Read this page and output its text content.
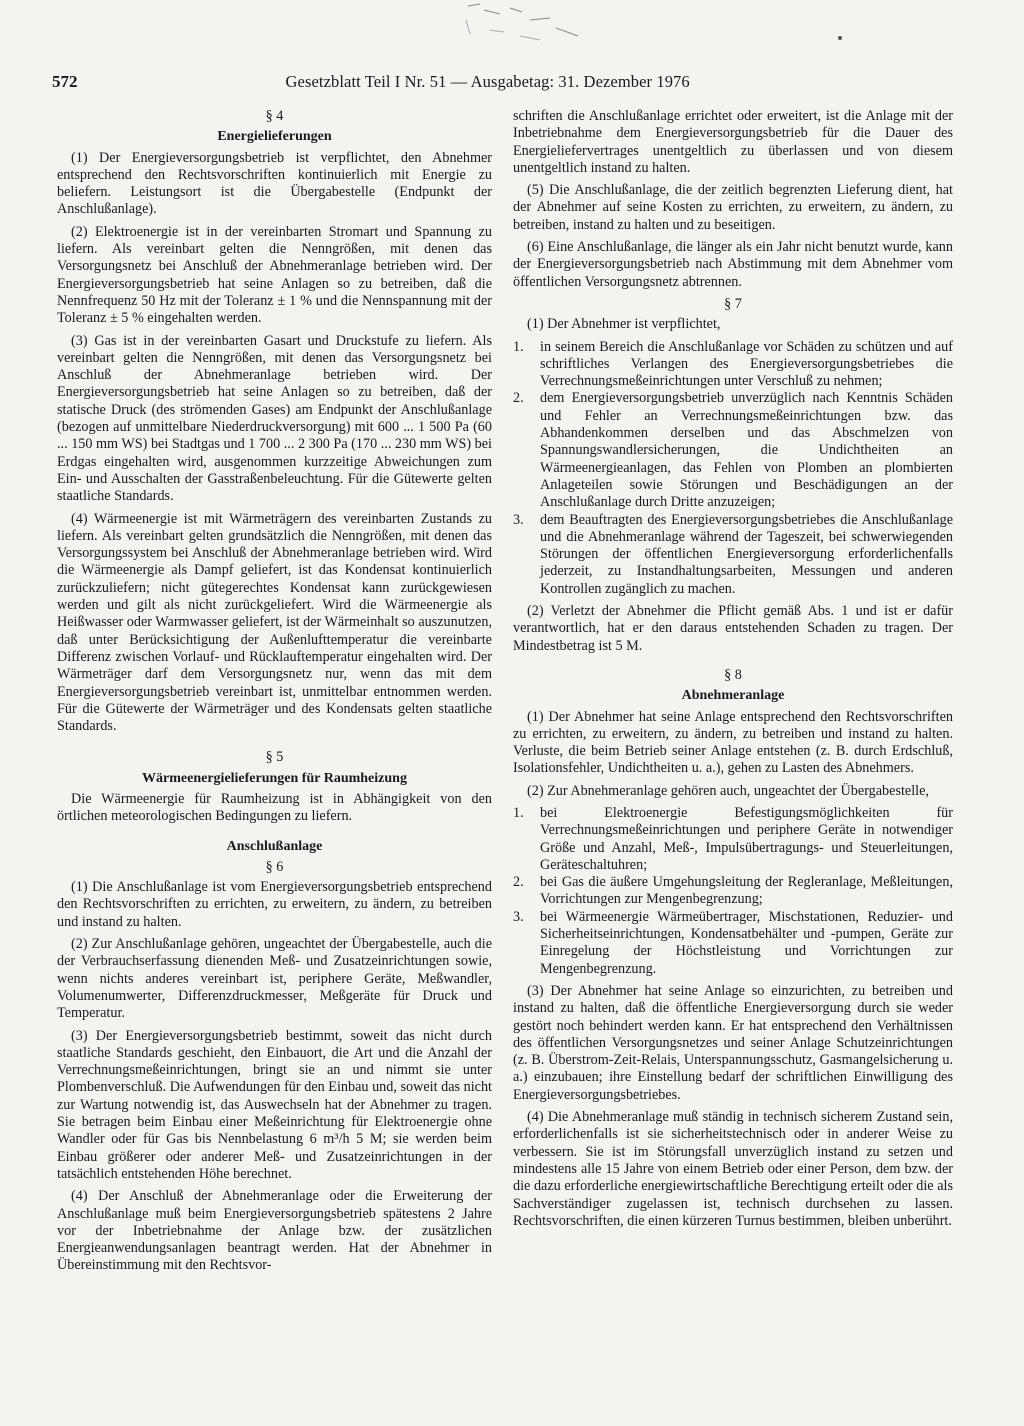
572	Gesetzblatt Teil I Nr. 51 — Ausgabetag: 31. Dezember 1976
§ 4
Energielieferungen

(1) Der Energieversorgungsbetrieb ist verpflichtet, den Abnehmer entsprechend den Rechtsvorschriften kontinuierlich mit Energie zu beliefern. Leistungsort ist die Übergabestelle (Endpunkt der Anschlußanlage).

(2) Elektroenergie ist in der vereinbarten Stromart und Spannung zu liefern. Als vereinbart gelten die Nenngrößen, mit denen das Versorgungsnetz bei Anschluß der Abnehmeranlage betrieben wird. Der Energieversorgungsbetrieb hat seine Anlagen so zu betreiben, daß die Nennfrequenz 50 Hz mit der Toleranz ± 1 % und die Nennspannung mit der Toleranz ± 5 % eingehalten werden.

(3) Gas ist in der vereinbarten Gasart und Druckstufe zu liefern. Als vereinbart gelten die Nenngrößen, mit denen das Versorgungsnetz bei Anschluß der Abnehmeranlage betrieben wird. Der Energieversorgungsbetrieb hat seine Anlagen so zu betreiben, daß der statische Druck (des strömenden Gases) am Endpunkt der Anschlußanlage (bezogen auf unmittelbare Niederdruckversorgung) mit 600 ... 1 500 Pa (60 ... 150 mm WS) bei Stadtgas und 1 700 ... 2 300 Pa (170 ... 230 mm WS) bei Erdgas eingehalten wird, ausgenommen kurzzeitige Abweichungen zum Ein- und Ausschalten der Gasstraßenbeleuchtung. Für die Gütewerte gelten staatliche Standards.

(4) Wärmeenergie ist mit Wärmeträgern des vereinbarten Zustands zu liefern. Als vereinbart gelten grundsätzlich die Nenngrößen, mit denen das Versorgungssystem bei Anschluß der Abnehmeranlage betrieben wird. Wird die Wärmeenergie als Dampf geliefert, ist das Kondensat kontinuierlich zurückzuliefern; nicht gütegerechtes Kondensat kann zurückgewiesen werden und gilt als nicht zurückgeliefert. Wird die Wärmeenergie als Heißwasser oder Warmwasser geliefert, ist der Wärmeinhalt so auszunutzen, daß unter Berücksichtigung der Außenlufttemperatur die vereinbarte Differenz zwischen Vorlauf- und Rücklauftemperatur eingehalten wird. Der Wärmeträger darf dem Versorgungsnetz nur, wenn das mit dem Energieversorgungsbetrieb vereinbart ist, unmittelbar entnommen werden. Für die Gütewerte der Wärmeträger und des Kondensats gelten staatliche Standards.

§ 5
Wärmeenergielieferungen für Raumheizung

Die Wärmeenergie für Raumheizung ist in Abhängigkeit von den örtlichen meteorologischen Bedingungen zu liefern.

Anschlußanlage
§ 6

(1) Die Anschlußanlage ist vom Energieversorgungsbetrieb entsprechend den Rechtsvorschriften zu errichten, zu erweitern, zu ändern, zu betreiben und instand zu halten.

(2) Zur Anschlußanlage gehören, ungeachtet der Übergabestelle, auch die der Verbrauchserfassung dienenden Meß- und Zusatzeinrichtungen sowie, wenn nichts anderes vereinbart ist, periphere Geräte, Meßwandler, Volumenumwerter, Differenzdruckmesser, Meßgeräte für Druck und Temperatur.

(3) Der Energieversorgungsbetrieb bestimmt, soweit das nicht durch staatliche Standards geschieht, den Einbauort, die Art und die Anzahl der Verrechnungsmeßeinrichtungen, bringt sie an und nimmt sie unter Plombenverschluß. Die Aufwendungen für den Einbau und, soweit das nicht zur Wartung notwendig ist, das Auswechseln hat der Abnehmer zu tragen. Sie betragen beim Einbau einer Meßeinrichtung für Elektroenergie ohne Wandler oder für Gas bis Nennbelastung 6 m³/h 5 M; sie werden beim Einbau größerer oder anderer Meß- und Zusatzeinrichtungen in der tatsächlich entstehenden Höhe berechnet.

(4) Der Anschluß der Abnehmeranlage oder die Erweiterung der Anschlußanlage muß beim Energieversorgungsbetrieb spätestens 2 Jahre vor der Inbetriebnahme der Anlage bzw. der zusätzlichen Energieanwendungsanlagen beantragt werden. Hat der Abnehmer in Übereinstimmung mit den Rechtsvor-

schriften die Anschlußanlage errichtet oder erweitert, ist die Anlage mit der Inbetriebnahme dem Energieversorgungsbetrieb für die Dauer des Energieliefervertrages unentgeltlich zu überlassen und von diesem unentgeltlich instand zu halten.

(5) Die Anschlußanlage, die der zeitlich begrenzten Lieferung dient, hat der Abnehmer auf seine Kosten zu errichten, zu erweitern, zu ändern, zu betreiben, instand zu halten und zu beseitigen.

(6) Eine Anschlußanlage, die länger als ein Jahr nicht benutzt wurde, kann der Energieversorgungsbetrieb nach Abstimmung mit dem Abnehmer vom öffentlichen Versorgungsnetz abtrennen.

§ 7

(1) Der Abnehmer ist verpflichtet,

1. in seinem Bereich die Anschlußanlage vor Schäden zu schützen und auf schriftliches Verlangen des Energieversorgungsbetriebes die Verrechnungsmeßeinrichtungen unter Verschluß zu nehmen;
2. dem Energieversorgungsbetrieb unverzüglich nach Kenntnis Schäden und Fehler an Verrechnungsmeßeinrichtungen bzw. das Abhandenkommen derselben und das Abschmelzen von Spannungswandlersicherungen, die Undichtheiten an Wärmeenergieanlagen, das Fehlen von Plomben an plombierten Anlageteilen sowie Störungen und Beschädigungen an der Anschlußanlage durch Dritte anzuzeigen;
3. dem Beauftragten des Energieversorgungsbetriebes die Anschlußanlage und die Abnehmeranlage während der Tageszeit, bei schwerwiegenden Störungen der öffentlichen Energieversorgung erforderlichenfalls jederzeit, zu Instandhaltungsarbeiten, Messungen und anderen Kontrollen zugänglich zu machen.

(2) Verletzt der Abnehmer die Pflicht gemäß Abs. 1 und ist er dafür verantwortlich, hat er den daraus entstehenden Schaden zu tragen. Der Mindestbetrag ist 5 M.

§ 8
Abnehmeranlage

(1) Der Abnehmer hat seine Anlage entsprechend den Rechtsvorschriften zu errichten, zu erweitern, zu ändern, zu betreiben und instand zu halten. Verluste, die beim Betrieb seiner Anlage entstehen (z. B. durch Erdschluß, Isolationsfehler, Undichtheiten u. a.), gehen zu Lasten des Abnehmers.

(2) Zur Abnehmeranlage gehören auch, ungeachtet der Übergabestelle,

1. bei Elektroenergie Befestigungsmöglichkeiten für Verrechnungsmeßeinrichtungen und periphere Geräte in notwendiger Größe und Anzahl, Meß-, Impulsübertragungs- und Steuerleitungen, Geräteschaltuhren;
2. bei Gas die äußere Umgehungsleitung der Regleranlage, Meßleitungen, Vorrichtungen zur Mengenbegrenzung;
3. bei Wärmeenergie Wärmeübertrager, Mischstationen, Reduzier- und Sicherheitseinrichtungen, Kondensatbehälter und -pumpen, Geräte zur Einregelung der Höchstleistung und Vorrichtungen zur Mengenbegrenzung.

(3) Der Abnehmer hat seine Anlage so einzurichten, zu betreiben und instand zu halten, daß die öffentliche Energieversorgung durch sie weder gestört noch behindert werden kann. Er hat entsprechend den Verhältnissen des öffentlichen Versorgungsnetzes und seiner Anlage Schutzeinrichtungen (z. B. Überstrom-Zeit-Relais, Unterspannungsschutz, Gasmangelsicherung u. a.) einzubauen; ihre Einstellung bedarf der schriftlichen Einwilligung des Energieversorgungsbetriebes.

(4) Die Abnehmeranlage muß ständig in technisch sicherem Zustand sein, erforderlichenfalls ist sie sicherheitstechnisch oder in anderer Weise zu verbessern. Sie ist im Störungsfall unverzüglich instand zu setzen und mindestens alle 15 Jahre von einem Betrieb oder einer Person, dem bzw. der die dazu erforderliche energiewirtschaftliche Berechtigung erteilt oder die als Sachverständiger zugelassen ist, technisch durchsehen zu lassen. Rechtsvorschriften, die einen kürzeren Turnus bestimmen, bleiben unberührt.
